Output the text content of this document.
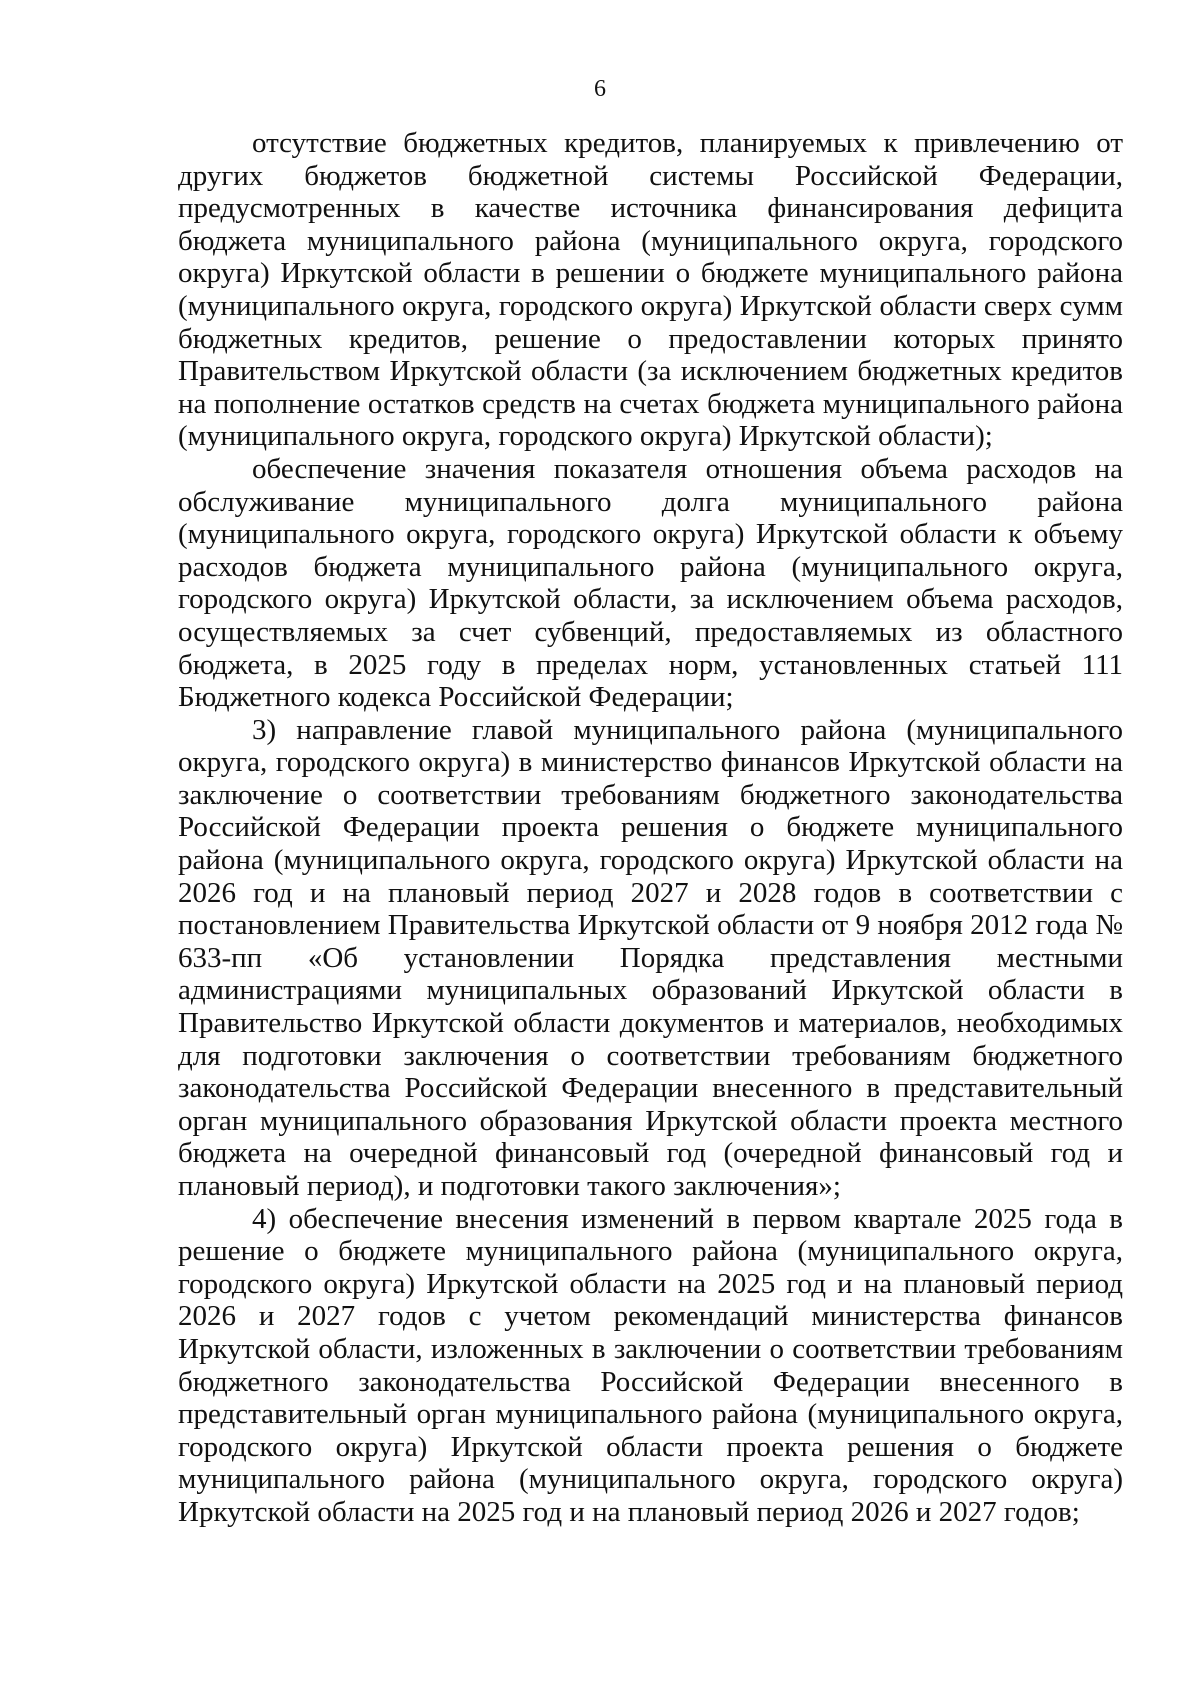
6

отсутствие бюджетных кредитов, планируемых к привлечению от других бюджетов бюджетной системы Российской Федерации, предусмотренных в качестве источника финансирования дефицита бюджета муниципального района (муниципального округа, городского округа) Иркутской области в решении о бюджете муниципального района (муниципального округа, городского округа) Иркутской области сверх сумм бюджетных кредитов, решение о предоставлении которых принято Правительством Иркутской области (за исключением бюджетных кредитов на пополнение остатков средств на счетах бюджета муниципального района (муниципального округа, городского округа) Иркутской области);

обеспечение значения показателя отношения объема расходов на обслуживание муниципального долга муниципального района (муниципального округа, городского округа) Иркутской области к объему расходов бюджета муниципального района (муниципального округа, городского округа) Иркутской области, за исключением объема расходов, осуществляемых за счет субвенций, предоставляемых из областного бюджета, в 2025 году в пределах норм, установленных статьей 111 Бюджетного кодекса Российской Федерации;

3) направление главой муниципального района (муниципального округа, городского округа) в министерство финансов Иркутской области на заключение о соответствии требованиям бюджетного законодательства Российской Федерации проекта решения о бюджете муниципального района (муниципального округа, городского округа) Иркутской области на 2026 год и на плановый период 2027 и 2028 годов в соответствии с постановлением Правительства Иркутской области от 9 ноября 2012 года № 633-пп «Об установлении Порядка представления местными администрациями муниципальных образований Иркутской области в Правительство Иркутской области документов и материалов, необходимых для подготовки заключения о соответствии требованиям бюджетного законодательства Российской Федерации внесенного в представительный орган муниципального образования Иркутской области проекта местного бюджета на очередной финансовый год (очередной финансовый год и плановый период), и подготовки такого заключения»;

4) обеспечение внесения изменений в первом квартале 2025 года в решение о бюджете муниципального района (муниципального округа, городского округа) Иркутской области на 2025 год и на плановый период 2026 и 2027 годов с учетом рекомендаций министерства финансов Иркутской области, изложенных в заключении о соответствии требованиям бюджетного законодательства Российской Федерации внесенного в представительный орган муниципального района (муниципального округа, городского округа) Иркутской области проекта решения о бюджете муниципального района (муниципального округа, городского округа) Иркутской области на 2025 год и на плановый период 2026 и 2027 годов;
